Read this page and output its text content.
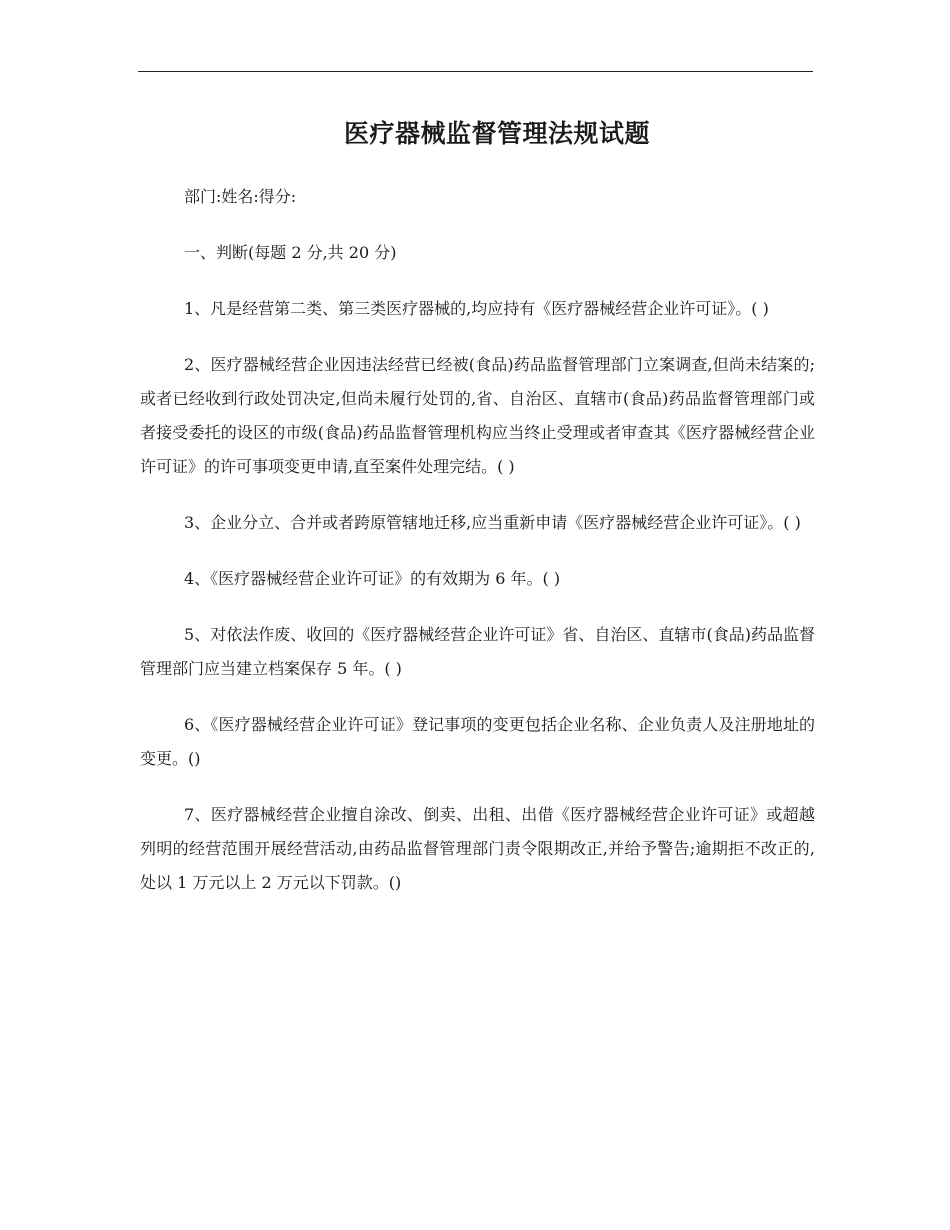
医疗器械监督管理法规试题

部门:姓名:得分:

一、判断(每题 2 分,共 20 分)

1、凡是经营第二类、第三类医疗器械的,均应持有《医疗器械经营企业许可证》。( )

2、医疗器械经营企业因违法经营已经被(食品)药品监督管理部门立案调查,但尚未结案的;或者已经收到行政处罚决定,但尚未履行处罚的,省、自治区、直辖市(食品)药品监督管理部门或者接受委托的设区的市级(食品)药品监督管理机构应当终止受理或者审查其《医疗器械经营企业许可证》的许可事项变更申请,直至案件处理完结。( )

3、企业分立、合并或者跨原管辖地迁移,应当重新申请《医疗器械经营企业许可证》。( )

4、《医疗器械经营企业许可证》的有效期为 6 年。( )

5、对依法作废、收回的《医疗器械经营企业许可证》省、自治区、直辖市(食品)药品监督管理部门应当建立档案保存 5 年。( )

6、《医疗器械经营企业许可证》登记事项的变更包括企业名称、企业负责人及注册地址的变更。()

7、医疗器械经营企业擅自涂改、倒卖、出租、出借《医疗器械经营企业许可证》或超越列明的经营范围开展经营活动,由药品监督管理部门责令限期改正,并给予警告;逾期拒不改正的,处以 1 万元以上 2 万元以下罚款。()
